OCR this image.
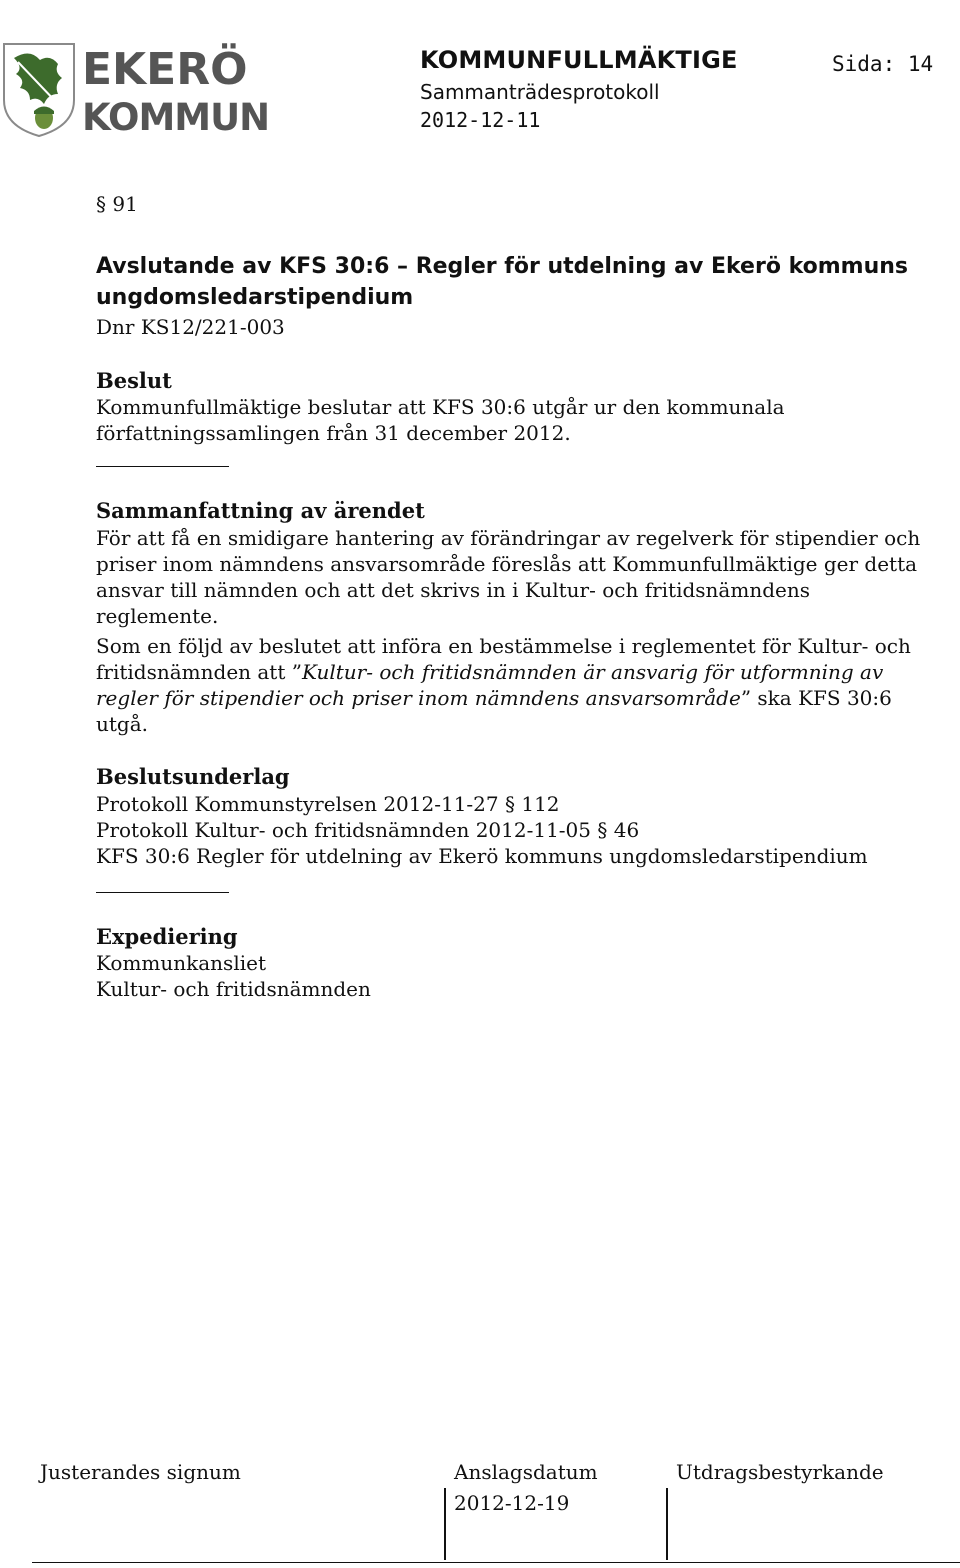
EKERÖ
KOMMUN
KOMMUNFULLMÄKTIGE	Sida: 14
Sammanträdesprotokoll
2012-12-11
§ 91
Avslutande av KFS 30:6 – Regler för utdelning av Ekerö kommuns ungdomsledarstipendium
Dnr KS12/221-003
Beslut
Kommunfullmäktige beslutar att KFS 30:6 utgår ur den kommunala författningssamlingen från 31 december 2012.
Sammanfattning av ärendet
För att få en smidigare hantering av förändringar av regelverk för stipendier och priser inom nämndens ansvarsområde föreslås att Kommunfullmäktige ger detta ansvar till nämnden och att det skrivs in i Kultur- och fritidsnämndens reglemente.
Som en följd av beslutet att införa en bestämmelse i reglementet för Kultur- och fritidsnämnden att ”Kultur- och fritidsnämnden är ansvarig för utformning av regler för stipendier och priser inom nämndens ansvarsområde” ska KFS 30:6 utgå.
Beslutsunderlag
Protokoll Kommunstyrelsen 2012-11-27 § 112
Protokoll Kultur- och fritidsnämnden 2012-11-05 § 46
KFS 30:6 Regler för utdelning av Ekerö kommuns ungdomsledarstipendium
Expediering
Kommunkansliet
Kultur- och fritidsnämnden
Justerandes signum	Anslagsdatum	Utdragsbestyrkande
2012-12-19
